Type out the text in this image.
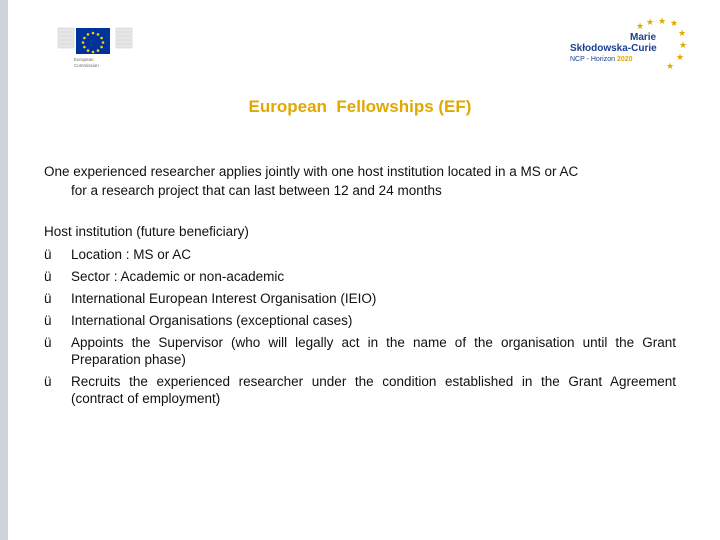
European
Commission
★ ★ ★
★
★
★
★
★
Marie
Skłodowska-Curie
NCP - Horizon 2020
European  Fellowships (EF)
One experienced researcher applies jointly with one host institution located in a MS or AC
for a research project that can last between 12 and 24 months
Host institution (future beneficiary)
ü Location : MS or AC
ü Sector : Academic or non-academic
ü International European Interest Organisation (IEIO)
ü International Organisations (exceptional cases)
ü Appoints the Supervisor (who will legally act in the name of the organisation until the Grant Preparation phase)
ü Recruits the experienced researcher under the condition established in the Grant Agreement (contract of employment)
